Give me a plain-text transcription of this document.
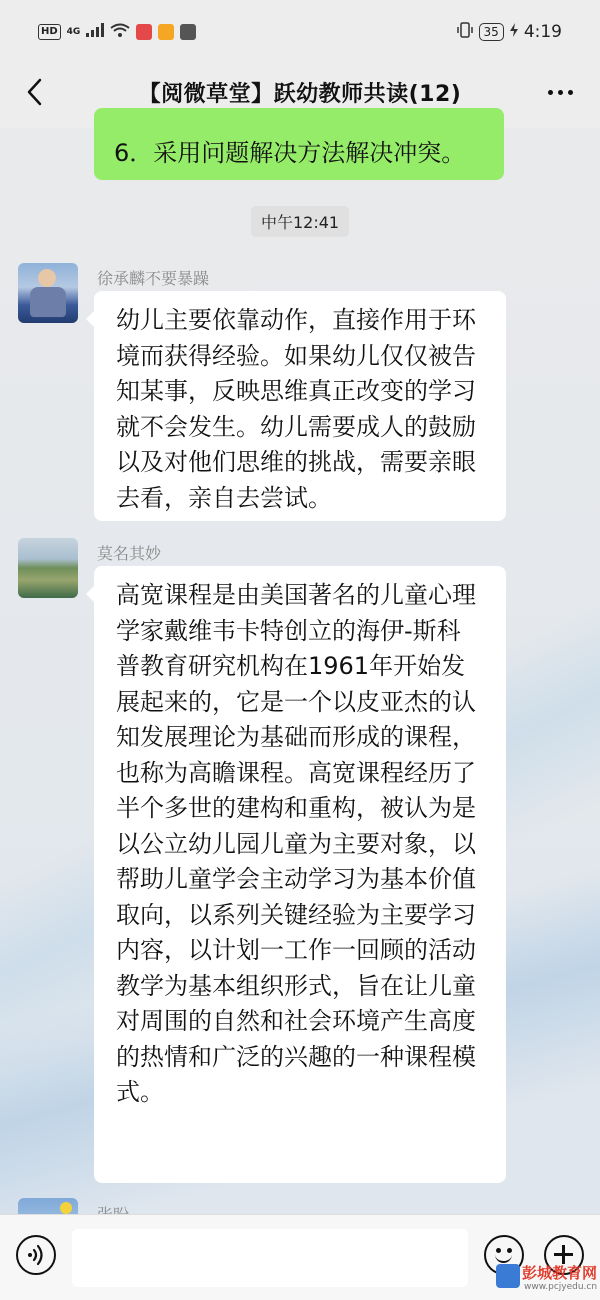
HD	4G	35 4:19
【阅微草堂】跃幼教师共读(12)
6．采用问题解决方法解决冲突。
中午12:41
徐承麟不要暴躁
幼儿主要依靠动作，直接作用于环境而获得经验。如果幼儿仅仅被告知某事，反映思维真正改变的学习就不会发生。幼儿需要成人的鼓励以及对他们思维的挑战，需要亲眼去看，亲自去尝试。
莫名其妙
高宽课程是由美国著名的儿童心理学家戴维韦卡特创立的海伊-斯科普教育研究机构在1961年开始发展起来的，它是一个以皮亚杰的认知发展理论为基础而形成的课程，也称为高瞻课程。高宽课程经历了半个多世的建构和重构，被认为是以公立幼儿园儿童为主要对象，以帮助儿童学会主动学习为基本价值取向，以系列关键经验为主要学习内容，以计划一工作一回顾的活动教学为基本组织形式，旨在让儿童对周围的自然和社会环境产生高度的热情和广泛的兴趣的一种课程模式。
彭城教育网
www.pcjyedu.cn
